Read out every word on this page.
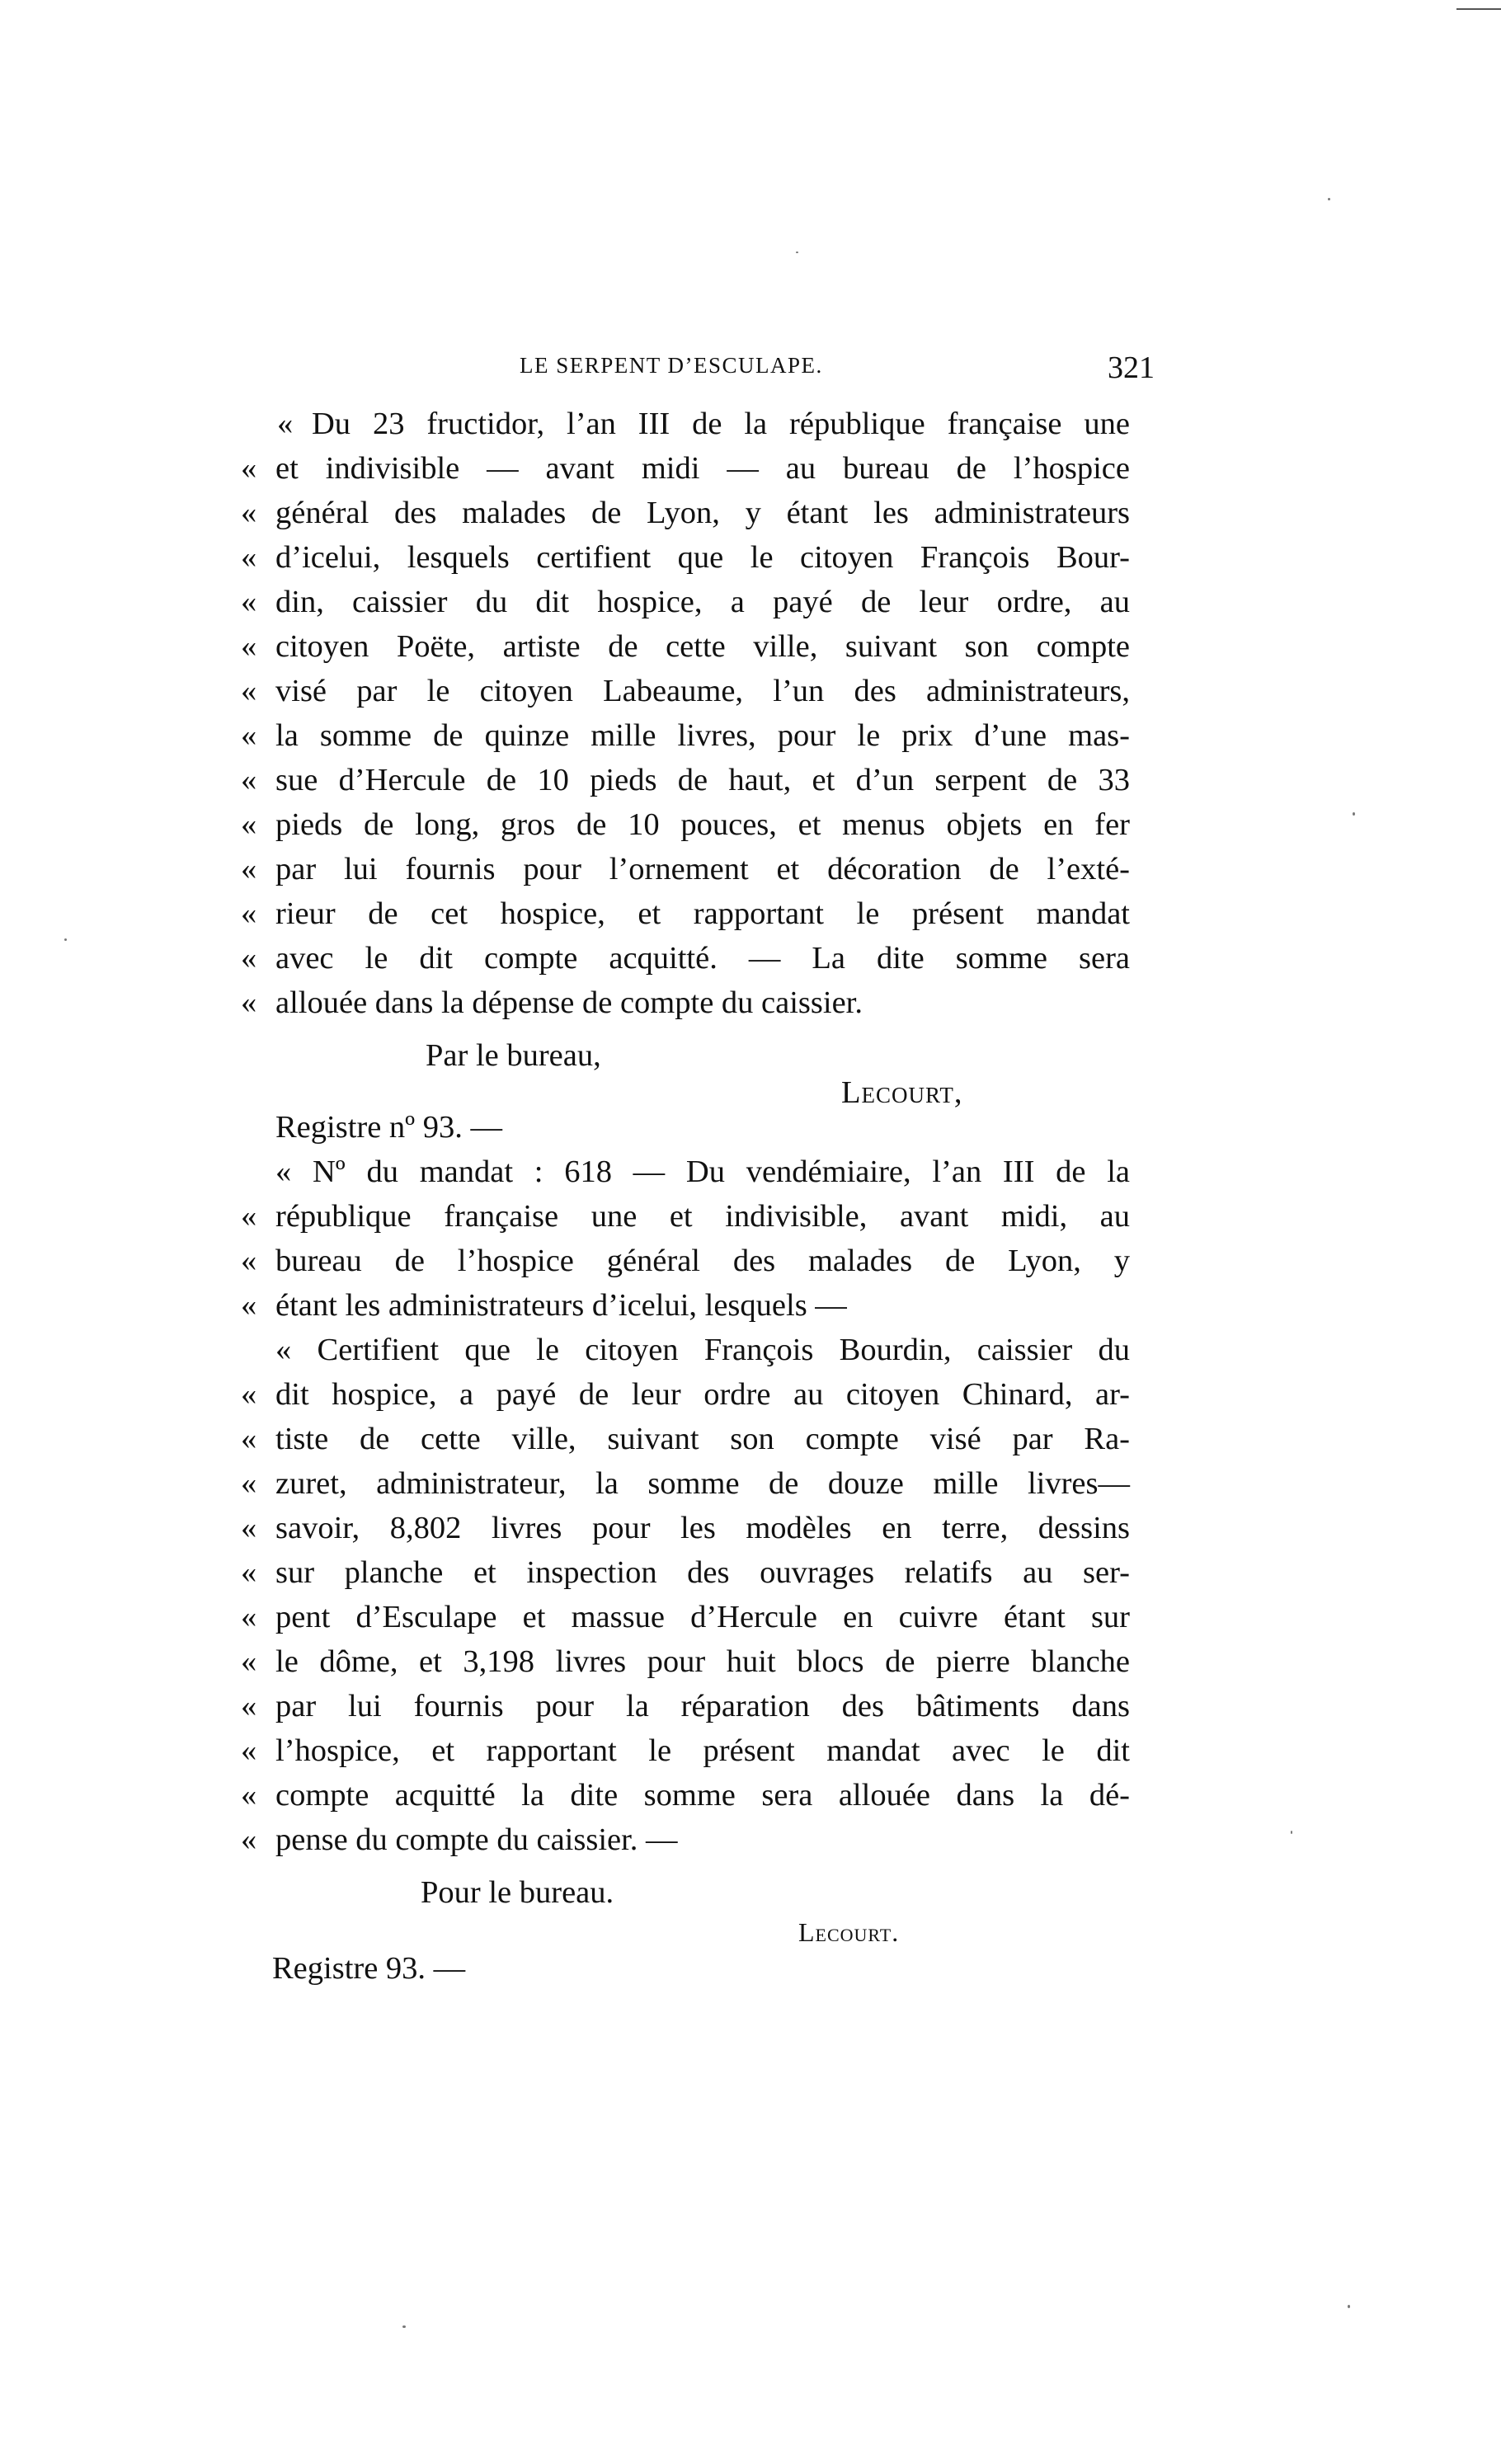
LE SERPENT D’ESCULAPE.	321
« Du 23 fructidor, l’an III de la république française une
« et indivisible — avant midi — au bureau de l’hospice
« général des malades de Lyon, y étant les administrateurs
« d’icelui, lesquels certifient que le citoyen François Bour-
« din, caissier du dit hospice, a payé de leur ordre, au
« citoyen Poëte, artiste de cette ville, suivant son compte
« visé par le citoyen Labeaume, l’un des administrateurs,
« la somme de quinze mille livres, pour le prix d’une mas-
« sue d’Hercule de 10 pieds de haut, et d’un serpent de 33
« pieds de long, gros de 10 pouces, et menus objets en fer
« par lui fournis pour l’ornement et décoration de l’exté-
« rieur de cet hospice, et rapportant le présent mandat
« avec le dit compte acquitté. — La dite somme sera
« allouée dans la dépense de compte du caissier.
Par le bureau,
Lecourt,
Registre nº 93. —
« Nº du mandat : 618 — Du vendémiaire, l’an III de la
« république française une et indivisible, avant midi, au
« bureau de l’hospice général des malades de Lyon, y
« étant les administrateurs d’icelui, lesquels —
« Certifient que le citoyen François Bourdin, caissier du
« dit hospice, a payé de leur ordre au citoyen Chinard, ar-
« tiste de cette ville, suivant son compte visé par Ra-
« zuret, administrateur, la somme de douze mille livres—
« savoir, 8,802 livres pour les modèles en terre, dessins
« sur planche et inspection des ouvrages relatifs au ser-
« pent d’Esculape et massue d’Hercule en cuivre étant sur
« le dôme, et 3,198 livres pour huit blocs de pierre blanche
« par lui fournis pour la réparation des bâtiments dans
« l’hospice, et rapportant le présent mandat avec le dit
« compte acquitté la dite somme sera allouée dans la dé-
« pense du compte du caissier. —
Pour le bureau.
Lecourt.
Registre 93. —
